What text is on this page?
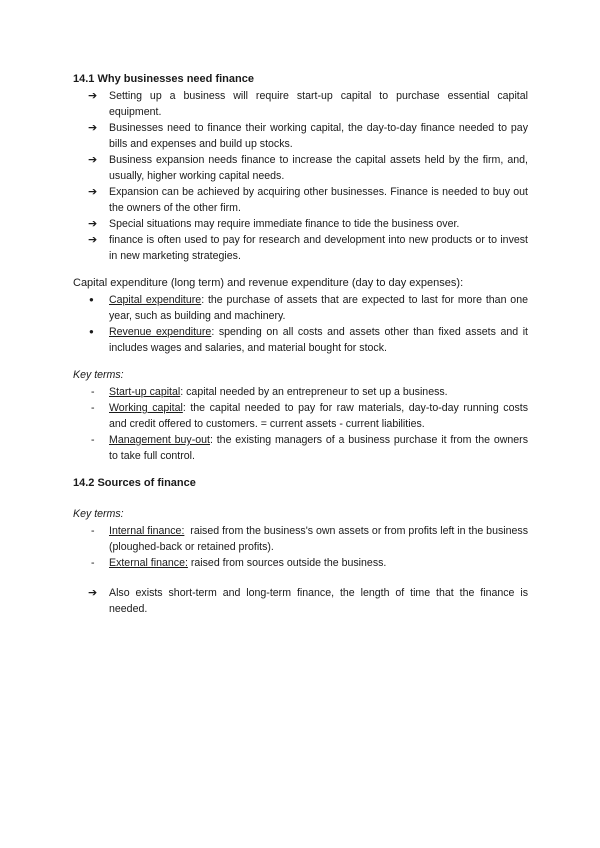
14.1 Why businesses need finance
➔ Setting up a business will require start-up capital to purchase essential capital equipment.
➔ Businesses need to finance their working capital, the day-to-day finance needed to pay bills and expenses and build up stocks.
➔ Business expansion needs finance to increase the capital assets held by the firm, and, usually, higher working capital needs.
➔ Expansion can be achieved by acquiring other businesses. Finance is needed to buy out the owners of the other firm.
➔ Special situations may require immediate finance to tide the business over.
➔ finance is often used to pay for research and development into new products or to invest in new marketing strategies.
Capital expenditure (long term) and revenue expenditure (day to day expenses):
● Capital expenditure: the purchase of assets that are expected to last for more than one year, such as building and machinery.
● Revenue expenditure: spending on all costs and assets other than fixed assets and it includes wages and salaries, and material bought for stock.

Key terms:

- Start-up capital: capital needed by an entrepreneur to set up a business.
- Working capital: the capital needed to pay for raw materials, day-to-day running costs and credit offered to customers. = current assets - current liabilities.
- Management buy-out: the existing managers of a business purchase it from the owners to take full control.
14.2 Sources of finance

Key terms:

- Internal finance:  raised from the business's own assets or from profits left in the business (ploughed-back or retained profits).
- External finance: raised from sources outside the business.
➔ Also exists short-term and long-term finance, the length of time that the finance is needed.
